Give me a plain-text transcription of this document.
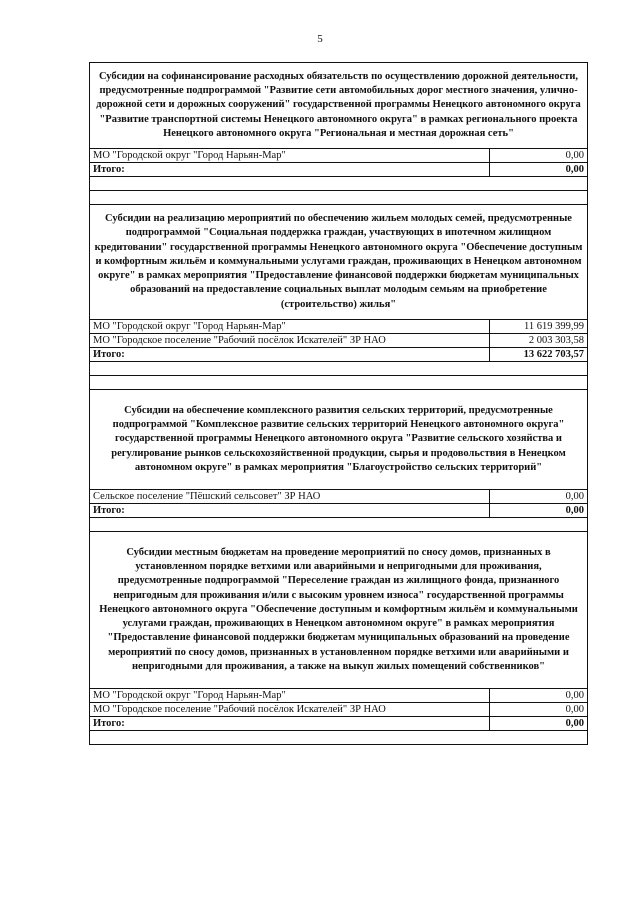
5
Субсидии на софинансирование расходных обязательств по осуществлению дорожной деятельности, предусмотренные подпрограммой "Развитие сети автомобильных дорог местного значения, улично-дорожной сети и дорожных сооружений" государственной программы Ненецкого автономного округа "Развитие транспортной системы Ненецкого автономного округа" в рамках регионального проекта Ненецкого автономного округа "Региональная и местная дорожная сеть"	
МО "Городской округ "Город Нарьян-Мар"	0,00
Итого:	0,00

Субсидии на реализацию мероприятий по обеспечению жильем молодых семей, предусмотренные подпрограммой "Социальная поддержка граждан, участвующих в ипотечном жилищном кредитовании" государственной программы Ненецкого автономного округа "Обеспечение доступным и комфортным жильём и коммунальными услугами граждан, проживающих в Ненецком автономном округе" в рамках мероприятия "Предоставление финансовой поддержки бюджетам муниципальных образований на предоставление социальных выплат молодым семьям на приобретение (строительство) жилья"	
МО "Городской округ "Город Нарьян-Мар"	11 619 399,99
МО "Городское поселение "Рабочий посёлок Искателей" ЗР НАО	2 003 303,58
Итого:	13 622 703,57

Субсидии на обеспечение комплексного развития сельских территорий, предусмотренные подпрограммой "Комплексное развитие сельских территорий Ненецкого автономного округа" государственной программы Ненецкого автономного округа "Развитие сельского хозяйства и регулирование рынков сельскохозяйственной продукции, сырья и продовольствия в Ненецком автономном округе" в рамках мероприятия "Благоустройство сельских территорий"	
Сельское поселение "Пёшский сельсовет" ЗР НАО	0,00
Итого:	0,00

Субсидии местным бюджетам на проведение мероприятий по сносу домов, признанных в установленном порядке ветхими или аварийными и непригодными для проживания, предусмотренные подпрограммой "Переселение граждан из жилищного фонда, признанного непригодным для проживания и/или с высоким уровнем износа" государственной программы Ненецкого автономного округа "Обеспечение доступным и комфортным жильём и коммунальными услугами граждан, проживающих в Ненецком автономном округе" в рамках мероприятия "Предоставление финансовой поддержки бюджетам муниципальных образований на проведение мероприятий по сносу домов, признанных в установленном порядке ветхими или аварийными и непригодными для проживания, а также на выкуп жилых помещений собственников"	
МО "Городской округ "Город Нарьян-Мар"	0,00
МО "Городское поселение "Рабочий посёлок Искателей" ЗР НАО	0,00
Итого:	0,00
